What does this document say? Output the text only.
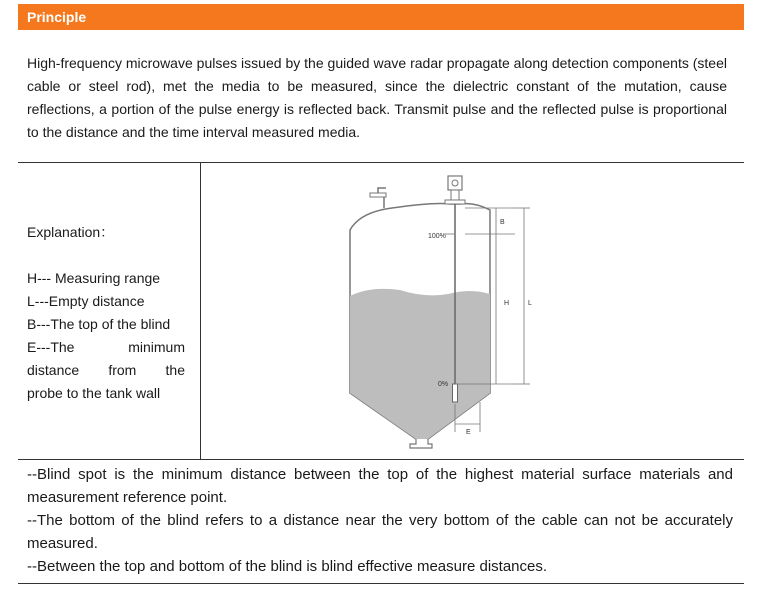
Principle
High-frequency microwave pulses issued by the guided wave radar propagate along detection components (steel cable or steel rod), met the media to be measured, since the dielectric constant of the mutation, cause reflections, a portion of the pulse energy is reflected back. Transmit pulse and the reflected pulse is proportional to the distance and the time interval measured media.
Explanation：
H--- Measuring range
L---Empty distance
B---The top of the blind
E---The	minimum
distance from the
probe to the tank wall
100%
0%
B
H	L
E

--Blind spot is the minimum distance between the top of the highest material surface materials and measurement reference point.

--The bottom of the blind refers to a distance near the very bottom of the cable can not be accurately measured.

--Between the top and bottom of the blind is blind effective measure distances.
